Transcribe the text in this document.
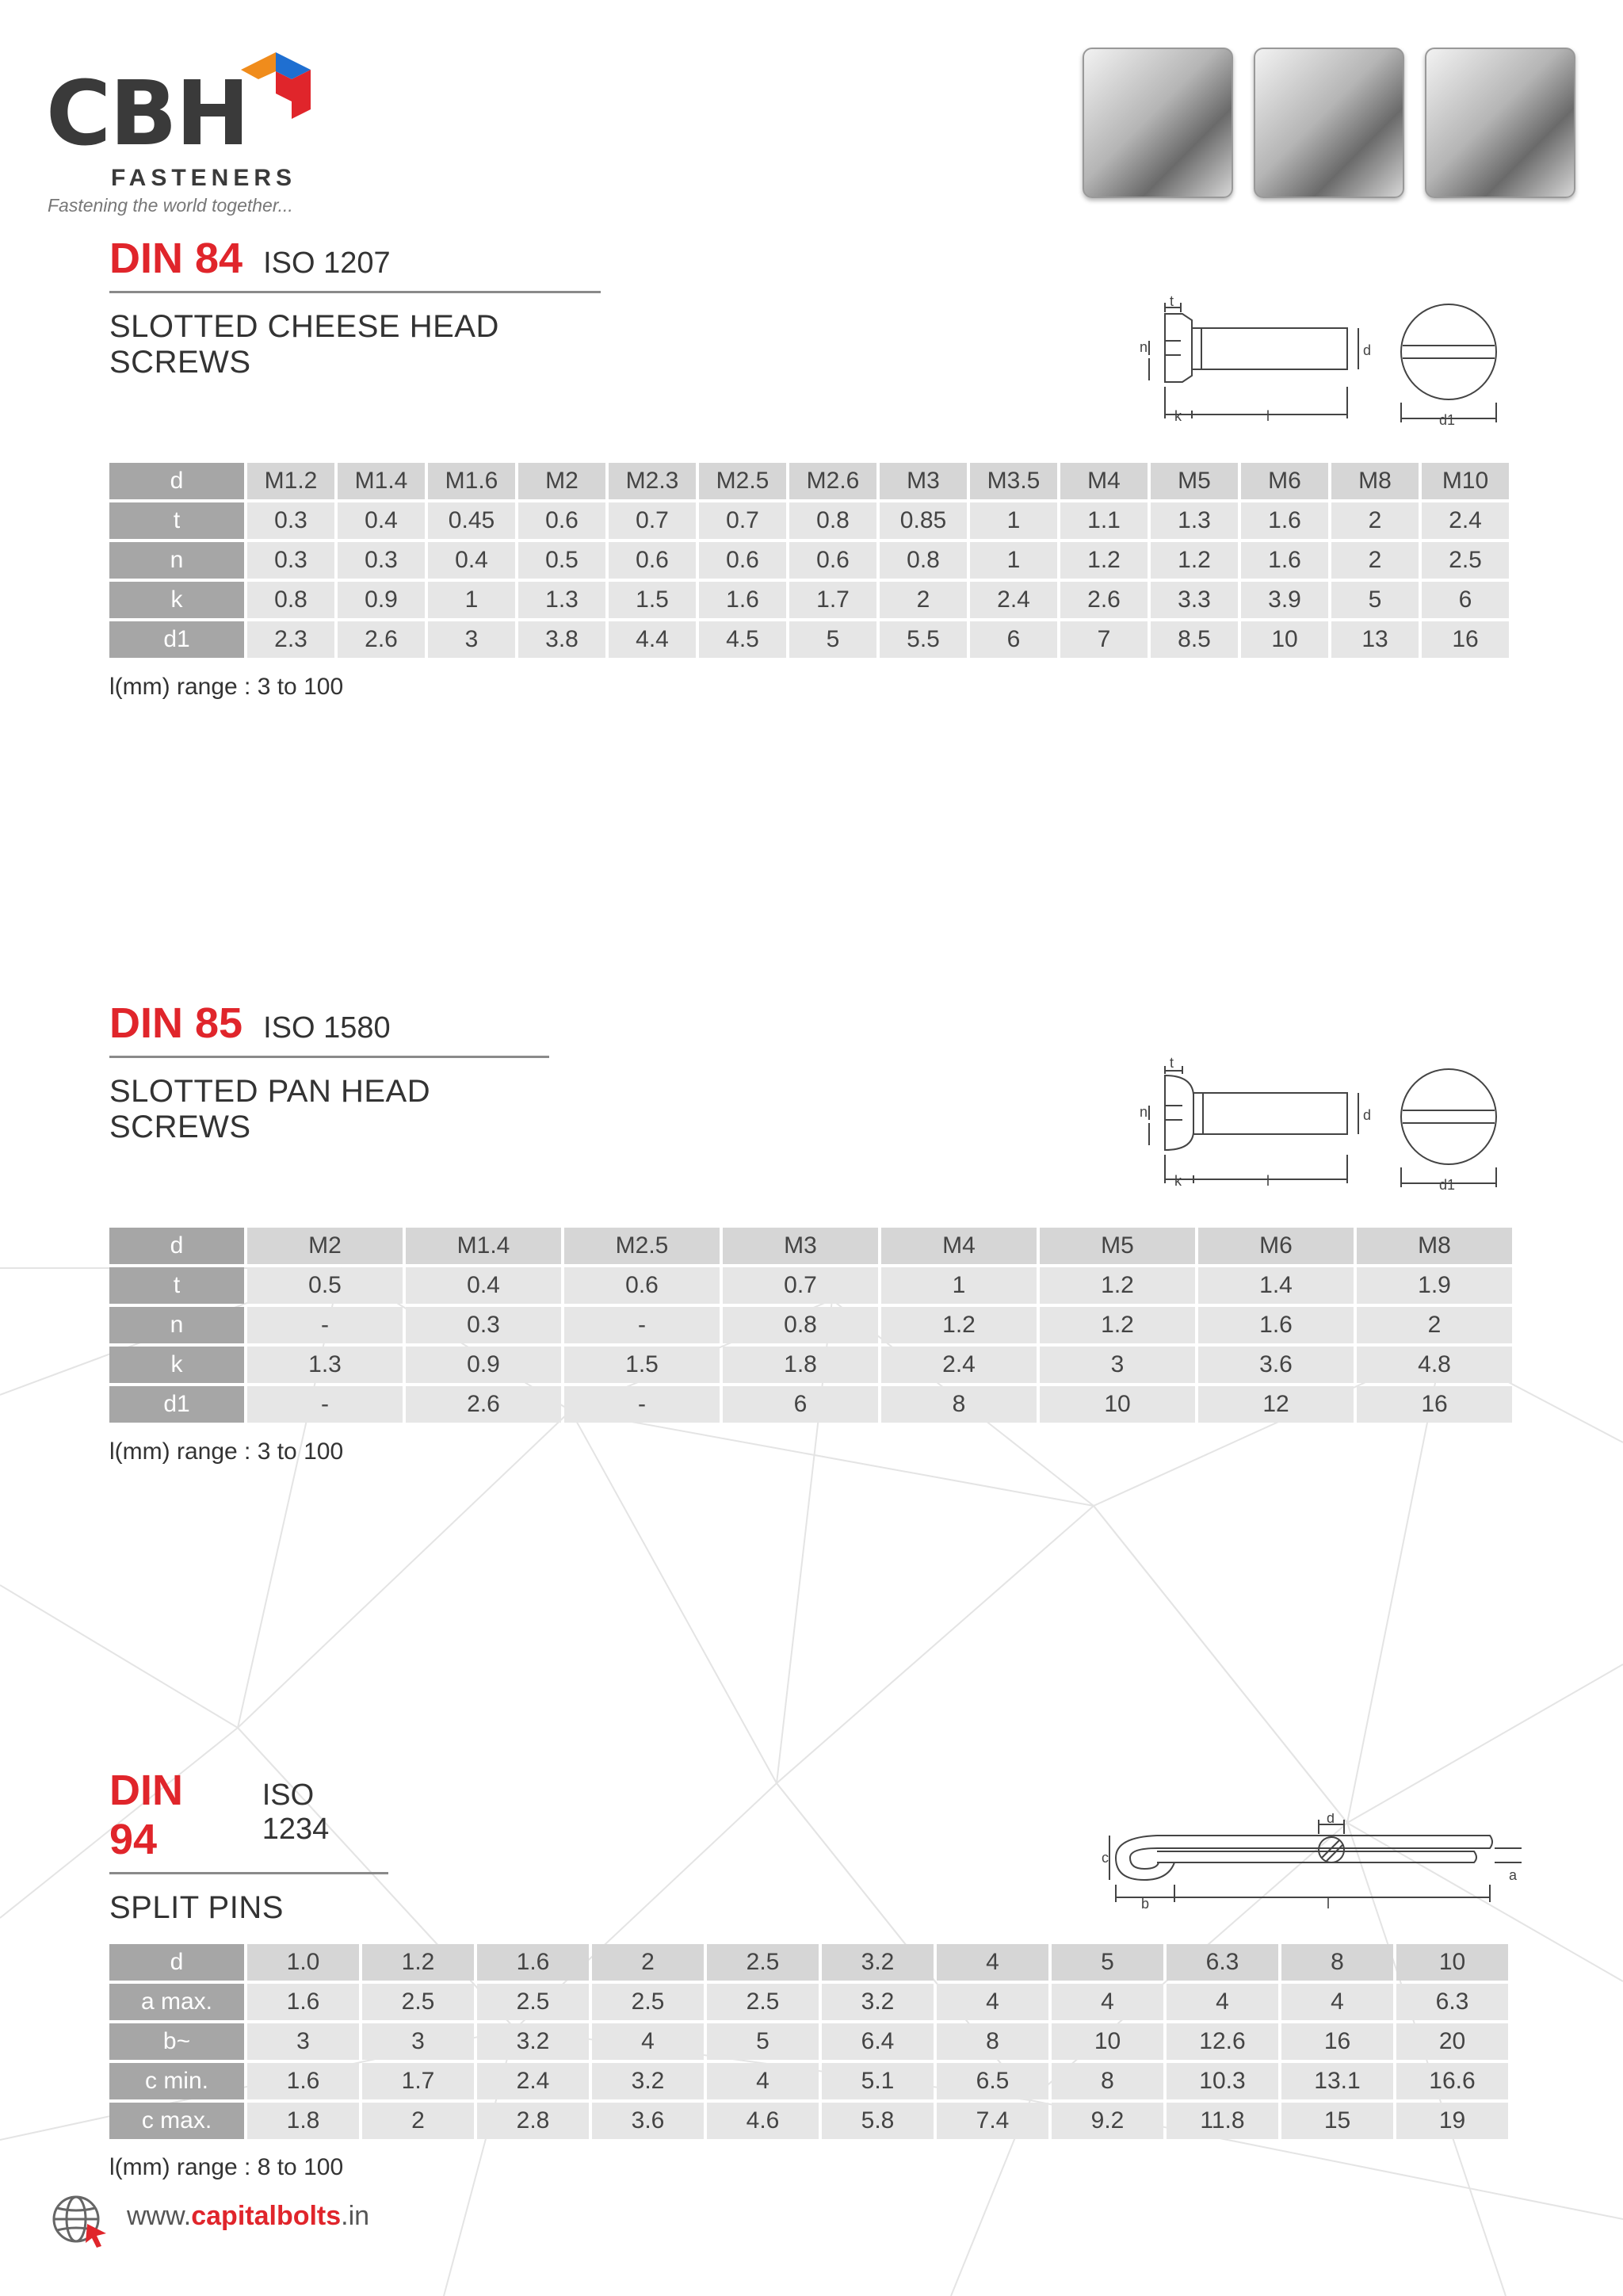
CBH
FASTENERS
Fastening the world together...
DIN 84 ISO 1207
SLOTTED CHEESE HEAD SCREWS
t
n
k	l
d
d1
d	M1.2	M1.4	M1.6	M2	M2.3	M2.5	M2.6	M3	M3.5	M4	M5	M6	M8	M10
t	0.3	0.4	0.45	0.6	0.7	0.7	0.8	0.85	1	1.1	1.3	1.6	2	2.4
n	0.3	0.3	0.4	0.5	0.6	0.6	0.6	0.8	1	1.2	1.2	1.6	2	2.5
k	0.8	0.9	1	1.3	1.5	1.6	1.7	2	2.4	2.6	3.3	3.9	5	6
d1	2.3	2.6	3	3.8	4.4	4.5	5	5.5	6	7	8.5	10	13	16
l(mm) range : 3 to 100
DIN 85 ISO 1580
SLOTTED PAN HEAD SCREWS
t
n
k	l
d
d1
d	M2	M1.4	M2.5	M3	M4	M5	M6	M8
t	0.5	0.4	0.6	0.7	1	1.2	1.4	1.9
n	-	0.3	-	0.8	1.2	1.2	1.6	2
k	1.3	0.9	1.5	1.8	2.4	3	3.6	4.8
d1	-	2.6	-	6	8	10	12	16
l(mm) range : 3 to 100
DIN 94
ISO 1234
SPLIT PINS
d
c
b	l
a
d	1.0	1.2	1.6	2	2.5	3.2	4	5	6.3	8	10
a max.	1.6	2.5	2.5	2.5	2.5	3.2	4	4	4	4	6.3
b~	3	3	3.2	4	5	6.4	8	10	12.6	16	20
c min.	1.6	1.7	2.4	3.2	4	5.1	6.5	8	10.3	13.1	16.6
c max.	1.8	2	2.8	3.6	4.6	5.8	7.4	9.2	11.8	15	19
l(mm) range : 8 to 100
www.capitalbolts.in
